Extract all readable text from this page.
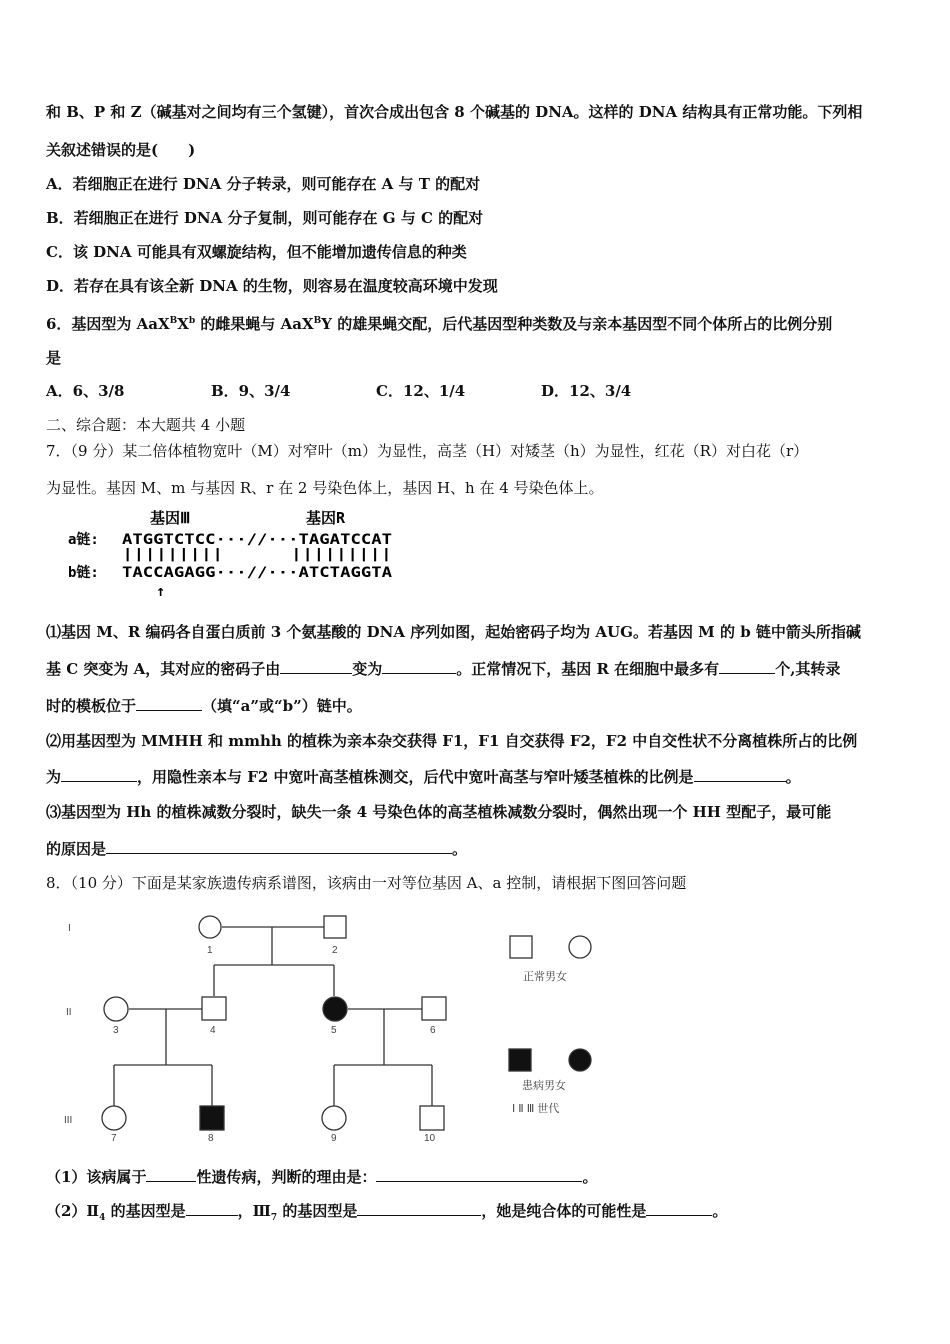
和 B、P 和 Z（碱基对之间均有三个氢键），首次合成出包含 8 个碱基的 DNA。这样的 DNA 结构具有正常功能。下列相
关叙述错误的是(　　)
A．若细胞正在进行 DNA 分子转录，则可能存在 A 与 T 的配对
B．若细胞正在进行 DNA 分子复制，则可能存在 G 与 C 的配对
C．该 DNA 可能具有双螺旋结构，但不能增加遗传信息的种类
D．若存在具有该全新 DNA 的生物，则容易在温度较高环境中发现
6．基因型为 $AaX^BX^b$ 的雌果蝇与 AaX$^B$Y 的雄果蝇交配，后代基因型种类数及与亲本基因型不同个体所占的比例分别
是
A．6、3/8	B．9、3/4	C．12、1/4	D．12、3/4
二、综合题：本大题共 4 小题
7．（9 分）某二倍体植物宽叶（M）对窄叶（m）为显性，高茎（H）对矮茎（h）为显性，红花（R）对白花（r）
为显性。基因 M、m 与基因 R、r 在 2 号染色体上，基因 H、h 在 4 号染色体上。
基因Ⅲ	基因R
a链: ATGGTCTCC···//···TAGATCCAT
|||||||||      |||||||||
b链: TACCAGAGG···//···ATCTAGGTA
↑
⑴基因 M、R 编码各自蛋白质前 3 个氨基酸的 DNA 序列如图，起始密码子均为 AUG。若基因 M 的 b 链中箭头所指碱
基 C 突变为 A，其对应的密码子由	变为	。正常情况下，基因 R 在细胞中最多有	个,其转录
时的模板位于	（填“a”或“b”）链中。
⑵用基因型为 MMHH 和 mmhh 的植株为亲本杂交获得 F1，F1 自交获得 F2，F2 中自交性状不分离植株所占的比例
为	，用隐性亲本与 F2 中宽叶高茎植株测交，后代中宽叶高茎与窄叶矮茎植株的比例是	。
⑶基因型为 Hh 的植株减数分裂时，缺失一条 4 号染色体的高茎植株减数分裂时，偶然出现一个 HH 型配子，最可能
的原因是	。
8．（10 分）下面是某家族遗传病系谱图，该病由一对等位基因 A、a 控制，请根据下图回答问题
I
II
III
1	2
3	4	5	6
7	8	9	10
正常男女
患病男女
Ⅰ Ⅱ Ⅲ 世代
（1）该病属于	性遗传病，判断的理由是：	。
$(2)Ⅱ_4$ 的基因型是	，$Ⅲ_7$ 的基因型是	，她是纯合体的可能性是	。
